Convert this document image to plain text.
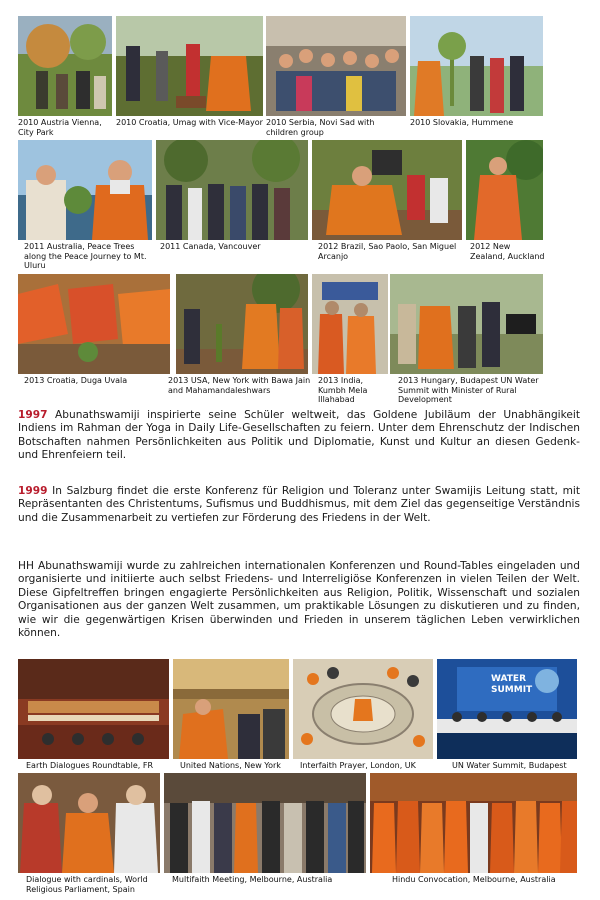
2010 Austria Vienna, City Park
2010 Croatia, Umag with Vice-Mayor 2010 Serbia, Novi Sad with children group
2010 Slovakia, Hummene
2011 Australia, Peace Trees along the Peace Journey to Mt. Uluru
2011 Canada, Vancouver	2012 Brazil, Sao Paolo, San Miguel Arcanjo
2012 New Zealand, Auckland
2013 Croatia, Duga Uvala	2013 USA, New York with Bawa Jain and Mahamandaleshwars
2013 India, Kumbh Mela Illahabad
2013 Hungary, Budapest UN Water Summit with Minister of Rural Development
1997 Abunathswamiji inspirierte seine Schüler weltweit, das Goldene Jubiläum der Unabhängikeit Indiens im Rahman der Yoga in Daily Life-Gesellschaften zu feiern. Unter dem Ehrenschutz der Indischen Botschaften nahmen Persönlichkeiten aus Politik und Diplomatie, Kunst und Kultur an diesen Gedenk- und Ehrenfeiern teil.
1999 In Salzburg findet die erste Konferenz für Religion und Toleranz unter Swamijis Leitung statt, mit Repräsentanten des Christentums, Sufismus und Buddhismus, mit dem Ziel das gegenseitige Verständnis und die Zusammenarbeit zu vertiefen zur Förderung des Friedens in der Welt.
HH Abunathswamiji wurde zu zahlreichen internationalen Konferenzen und Round-Tables eingeladen und organisierte und initiierte auch selbst Friedens- und Interreligiöse Konferenzen in vielen Teilen der Welt. Diese Gipfeltreffen bringen engagierte Persönlichkeiten aus Religion, Politik, Wissenschaft und sozialen Organisationen aus der ganzen Welt zusammen, um praktikable Lösungen zu diskutieren und zu finden, wie wir die gegenwärtigen Krisen überwinden und Frieden in unserem täglichen Leben verwirklichen können.
Earth Dialogues Roundtable, FR	United Nations, New York	Interfaith Prayer, London, UK
WATER
SUMMIT
UN Water Summit, Budapest
Dialogue with cardinals, World Religious Parliament, Spain
Multifaith Meeting, Melbourne, Australia	Hindu Convocation, Melbourne, Australia
